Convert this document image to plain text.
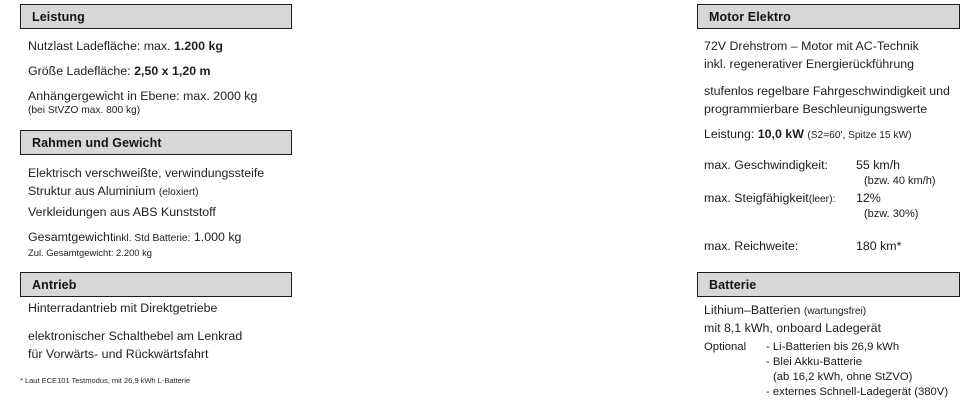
Leistung
Nutzlast Ladefläche: max. 1.200 kg
Größe Ladefläche: 2,50 x 1,20 m
Anhängergewicht in Ebene: max. 2000 kg
(bei StVZO max. 800 kg)
Rahmen und Gewicht
Elektrisch verschweißte, verwindungssteife
Struktur aus Aluminium (eloxiert)
Verkleidungen aus ABS Kunststoff
Gesamtgewichtinkl. Std Batterie: 1.000 kg
Zul. Gesamtgewicht: 2.200 kg
Antrieb
Hinterradantrieb mit Direktgetriebe
elektronischer Schalthebel am Lenkrad
für Vorwärts- und Rückwärtsfahrt
* Laut ECE101 Testmodus, mit 26,9 kWh L-Batterie
Motor Elektro
72V Drehstrom – Motor mit AC-Technik
inkl. regenerativer Energierückführung
stufenlos regelbare Fahrgeschwindigkeit und
programmierbare Beschleunigungswerte
Leistung: 10,0 kW (S2=60', Spitze 15 kW)
max. Geschwindigkeit:	55 km/h
(bzw. 40 km/h)
max. Steigfähigkeit(leer):	12%
(bzw. 30%)
max. Reichweite:	180 km*
Batterie
Lithium–Batterien (wartungsfrei)
mit 8,1 kWh, onboard Ladegerät
Optional	- Li-Batterien bis 26,9 kWh
- Blei Akku-Batterie
(ab 16,2 kWh, ohne StZVO)
- externes Schnell-Ladegerät (380V)
